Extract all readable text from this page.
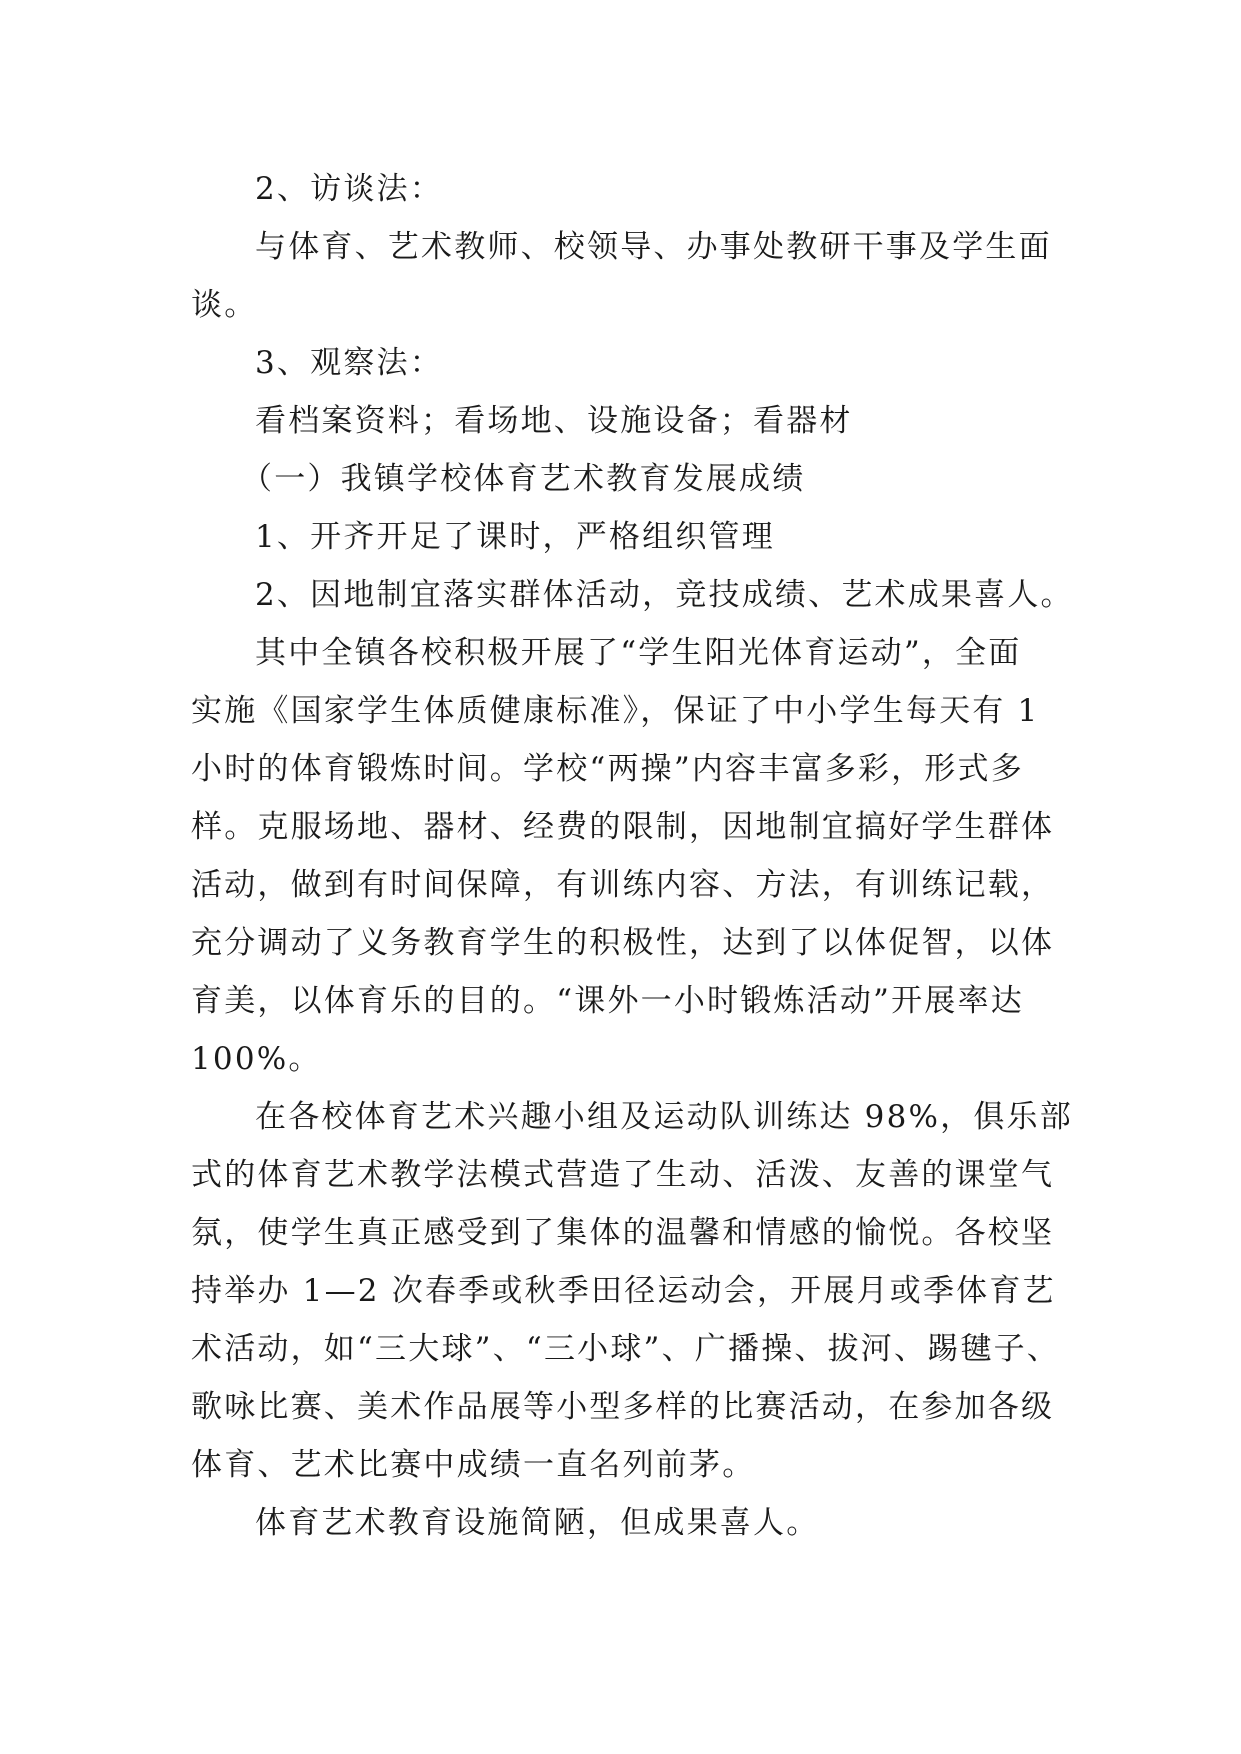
2、访谈法：
与体育、艺术教师、校领导、办事处教研干事及学生面
谈。
3、观察法：
看档案资料；看场地、设施设备；看器材
（一）我镇学校体育艺术教育发展成绩
1、开齐开足了课时，严格组织管理
2、因地制宜落实群体活动，竞技成绩、艺术成果喜人。
其中全镇各校积极开展了“学生阳光体育运动”，全面
实施《国家学生体质健康标准》，保证了中小学生每天有 1
小时的体育锻炼时间。学校“两操”内容丰富多彩，形式多
样。克服场地、器材、经费的限制，因地制宜搞好学生群体
活动，做到有时间保障，有训练内容、方法，有训练记载，
充分调动了义务教育学生的积极性，达到了以体促智，以体
育美，以体育乐的目的。“课外一小时锻炼活动”开展率达
100%。
在各校体育艺术兴趣小组及运动队训练达 98%，俱乐部
式的体育艺术教学法模式营造了生动、活泼、友善的课堂气
氛，使学生真正感受到了集体的温馨和情感的愉悦。各校坚
持举办 1—2 次春季或秋季田径运动会，开展月或季体育艺
术活动，如“三大球”、“三小球”、广播操、拔河、踢毽子、
歌咏比赛、美术作品展等小型多样的比赛活动，在参加各级
体育、艺术比赛中成绩一直名列前茅。
体育艺术教育设施简陋，但成果喜人。
